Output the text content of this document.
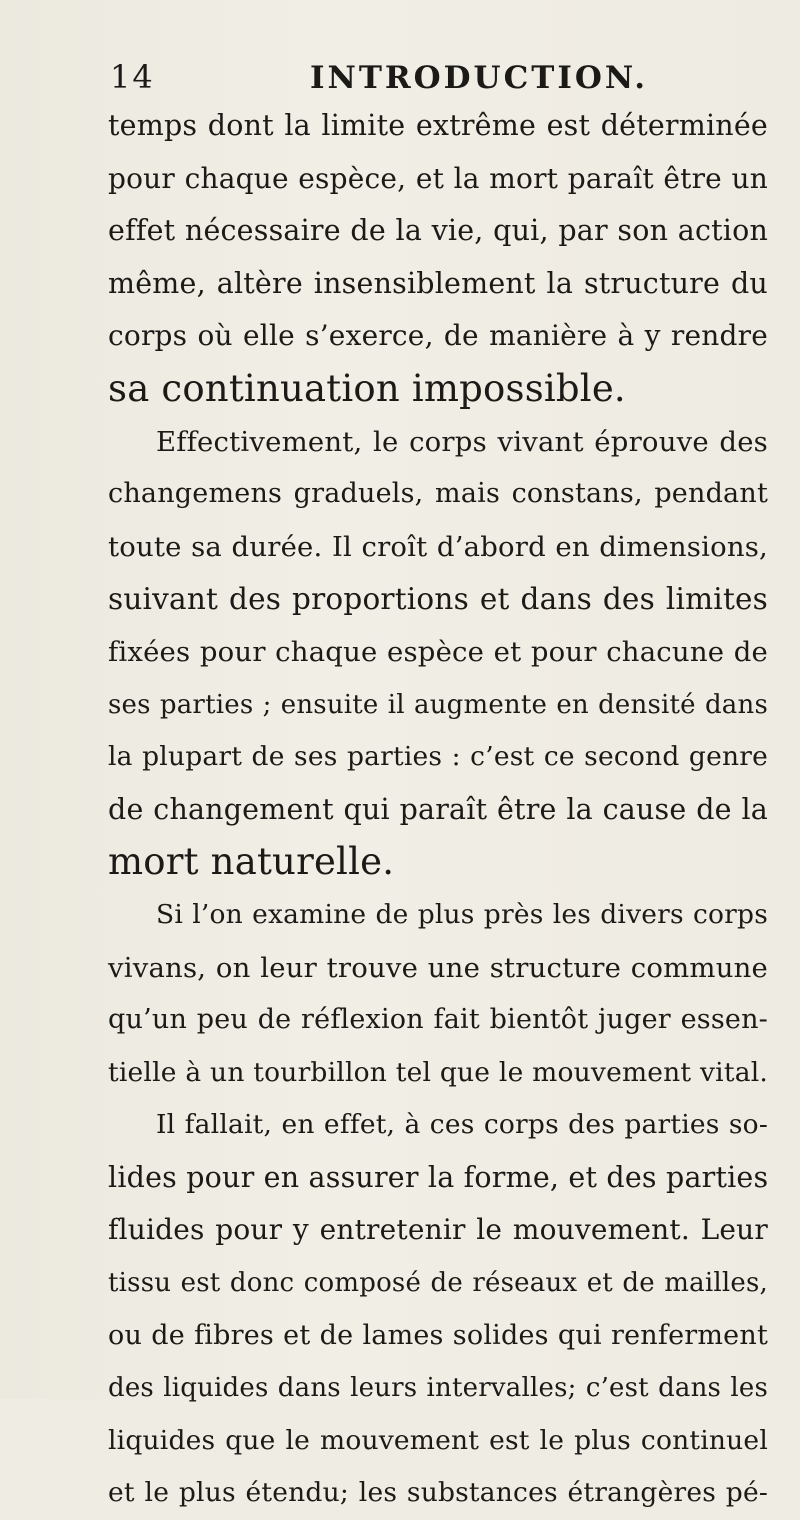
14	INTRODUCTION.
temps dont la limite extrême est déterminée
pour chaque espèce, et la mort paraît être un
effet nécessaire de la vie, qui, par son action
même, altère insensiblement la structure du
corps où elle s’exerce, de manière à y rendre
sa continuation impossible.
Effectivement, le corps vivant éprouve des
changemens graduels, mais constans, pendant
toute sa durée. Il croît d’abord en dimensions,
suivant des proportions et dans des limites
fixées pour chaque espèce et pour chacune de
ses parties ; ensuite il augmente en densité dans
la plupart de ses parties : c’est ce second genre
de changement qui paraît être la cause de la
mort naturelle.
Si l’on examine de plus près les divers corps
vivans, on leur trouve une structure commune
qu’un peu de réflexion fait bientôt juger essen-
tielle à un tourbillon tel que le mouvement vital.
Il fallait, en effet, à ces corps des parties so-
lides pour en assurer la forme, et des parties
fluides pour y entretenir le mouvement. Leur
tissu est donc composé de réseaux et de mailles,
ou de fibres et de lames solides qui renferment
des liquides dans leurs intervalles; c’est dans les
liquides que le mouvement est le plus continuel
et le plus étendu; les substances étrangères pé-
